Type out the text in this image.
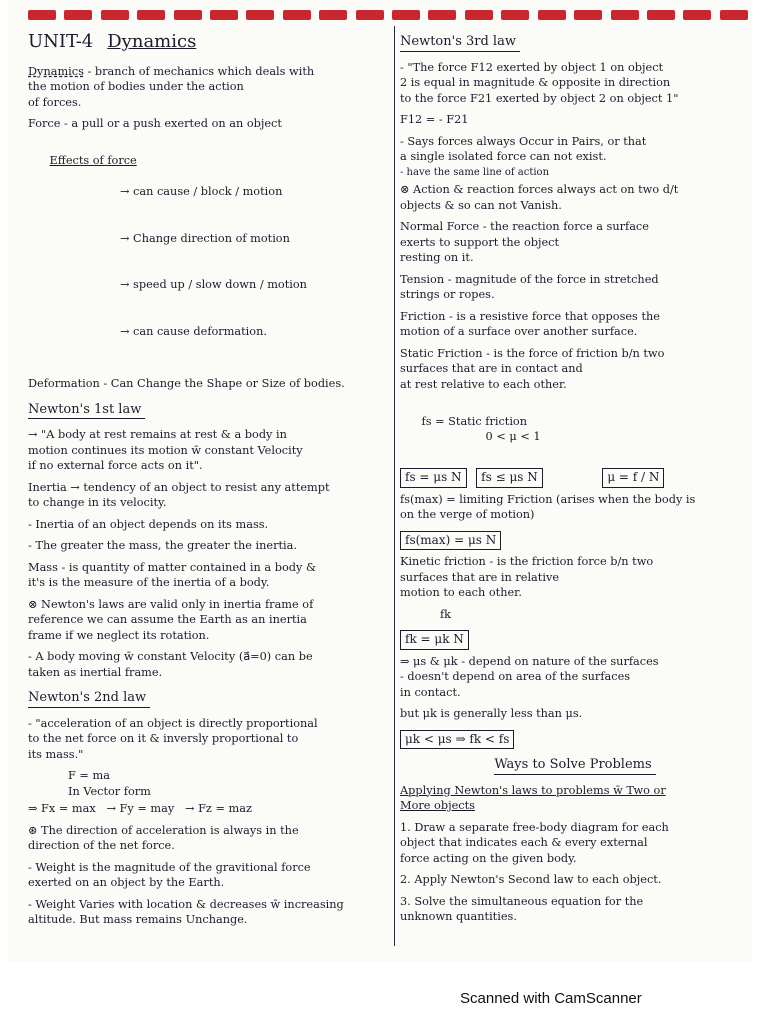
UNIT-4 Dynamics
Dynamics - branch of mechanics which deals with
the motion of bodies under the action
of forces.
Force - a pull or a push exerted on an object

Effects of force

→ can cause / block / motion

→ Change direction of motion

→ speed up / slow down / motion

→ can cause deformation.

Deformation - Can Change the Shape or Size of bodies.
Newton's 1st law
→ "A body at rest remains at rest & a body in
motion continues its motion w̄ constant Velocity
if no external force acts on it".
Inertia → tendency of an object to resist any attempt
to change in its velocity.
- Inertia of an object depends on its mass.
- The greater the mass, the greater the inertia.
Mass - is quantity of matter contained in a body &
it's is the measure of the inertia of a body.
⊗ Newton's laws are valid only in inertia frame of
reference we can assume the Earth as an inertia
frame if we neglect its rotation.
- A body moving w̄ constant Velocity (a⃗=0) can be
taken as inertial frame.
Newton's 2nd law
- "acceleration of an object is directly proportional
to the net force on it & inversly proportional to
its mass."
F = ma
In Vector form
⇒ Fx = max   → Fy = may   → Fz = maz
⊛ The direction of acceleration is always in the
direction of the net force.
- Weight is the magnitude of the gravitional force
exerted on an object by the Earth.
- Weight Varies with location & decreases w̄ increasing
altitude. But mass remains Unchange.
Newton's 3rd law
- "The force F12 exerted by object 1 on object
2 is equal in magnitude & opposite in direction
to the force F21 exerted by object 2 on object 1"
F12 = - F21
- Says forces always Occur in Pairs, or that
a single isolated force can not exist.
- have the same line of action
⊗ Action & reaction forces always act on two d/t
objects & so can not Vanish.
Normal Force - the reaction force a surface
exerts to support the object
resting on it.
Tension - magnitude of the force in stretched
strings or ropes.
Friction - is a resistive force that opposes the
motion of a surface over another surface.
Static Friction - is the force of friction b/n two
surfaces that are in contact and
at rest relative to each other.

fs = Static friction
0 < μ < 1

fs = μs N fs ≤ μs N	μ = f / N
fs(max) = limiting Friction (arises when the body is
on the verge of motion)
fs(max) = μs N
Kinetic friction - is the friction force b/n two
surfaces that are in relative
motion to each other.
fk
fk = μk N
⇒ μs & μk - depend on nature of the surfaces
- doesn't depend on area of the surfaces
in contact.
but μk is generally less than μs.
μk < μs ⇒ fk < fs
Ways to Solve Problems
Applying Newton's laws to problems w̄ Two or
More objects
1. Draw a separate free-body diagram for each
object that indicates each & every external
force acting on the given body.
2. Apply Newton's Second law to each object.
3. Solve the simultaneous equation for the
unknown quantities.
Scanned with CamScanner
